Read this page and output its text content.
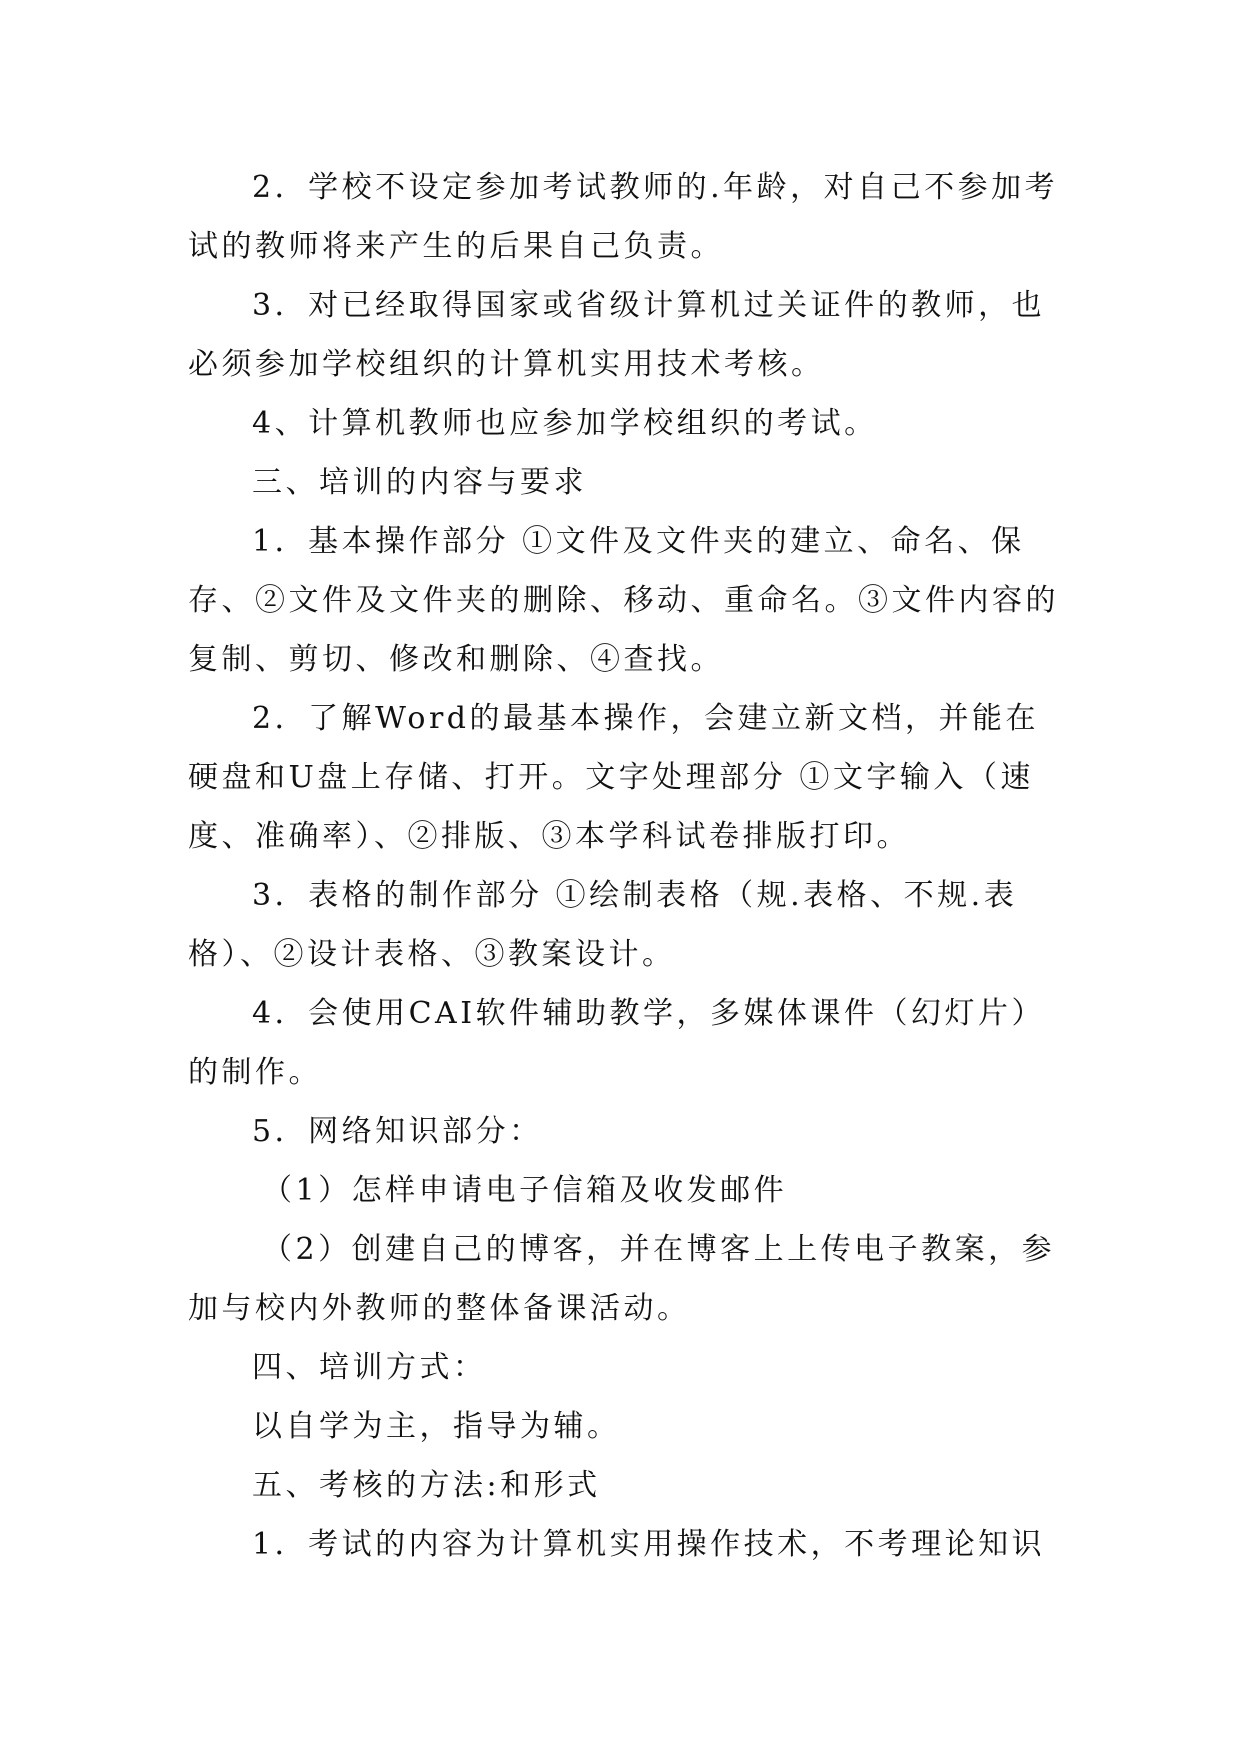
2．学校不设定参加考试教师的.年龄，对自己不参加考试的教师将来产生的后果自己负责。

3．对已经取得国家或省级计算机过关证件的教师，也必须参加学校组织的计算机实用技术考核。

4、计算机教师也应参加学校组织的考试。

三、培训的内容与要求

1．基本操作部分 ①文件及文件夹的建立、命名、保存、②文件及文件夹的删除、移动、重命名。③文件内容的复制、剪切、修改和删除、④查找。

2．了解Word的最基本操作，会建立新文档，并能在硬盘和U盘上存储、打开。文字处理部分 ①文字输入（速度、准确率）、②排版、③本学科试卷排版打印。

3．表格的制作部分 ①绘制表格（规.表格、不规.表格）、②设计表格、③教案设计。

4．会使用CAI软件辅助教学，多媒体课件（幻灯片）的制作。

5．网络知识部分：

（1）怎样申请电子信箱及收发邮件

（2）创建自己的博客，并在博客上上传电子教案，参加与校内外教师的整体备课活动。

四、培训方式：

以自学为主，指导为辅。

五、考核的方法:和形式

1．考试的内容为计算机实用操作技术，不考理论知识
